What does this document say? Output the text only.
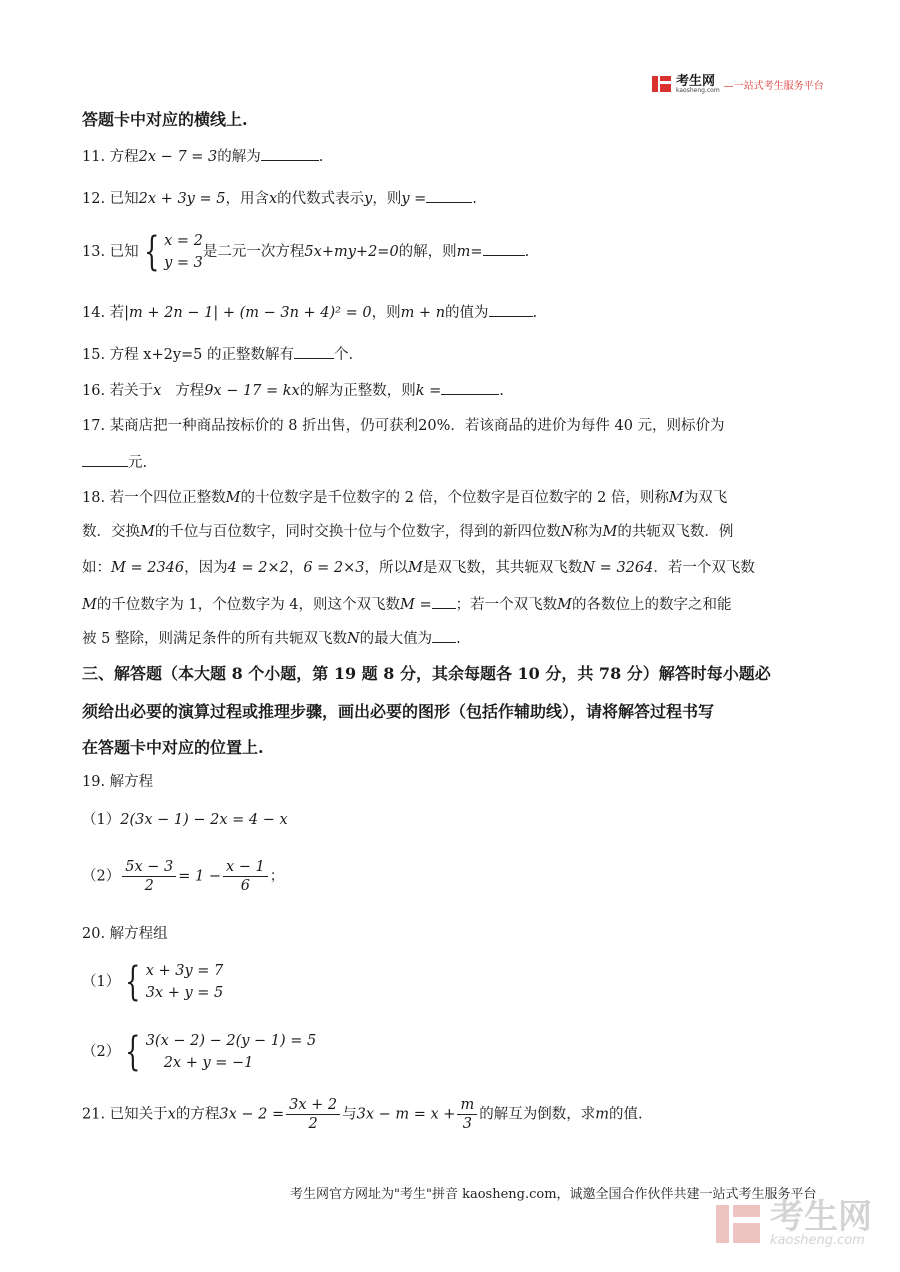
考生网
kaosheng.com —一站式考生服务平台
答题卡中对应的横线上.
11. 方程2x − 7 = 3的解为	.
12. 已知2x + 3y = 5，用含x的代数式表示y，则y =	.
13. 已知 { x = 2
y = 3
是二元一次方程5x+my+2=0的解，则m=	.
14. 若|m + 2n − 1| + (m − 3n + 4)² = 0，则m + n的值为	.
15. 方程 x+2y=5 的正整数解有	个.
16. 若关于x 方程9x − 17 = kx的解为正整数，则k =	.
17. 某商店把一种商品按标价的 8 折出售，仍可获利20%．若该商品的进价为每件 40 元，则标价为
元.
18. 若一个四位正整数M的十位数字是千位数字的 2 倍，个位数字是百位数字的 2 倍，则称M为双飞
数．交换M的千位与百位数字，同时交换十位与个位数字，得到的新四位数N称为M的共轭双飞数．例
如：M = 2346，因为4 = 2×2，6 = 2×3，所以M是双飞数，其共轭双飞数N = 3264．若一个双飞数
M的千位数字为 1，个位数字为 4，则这个双飞数M = ；若一个双飞数M的各数位上的数字之和能
被 5 整除，则满足条件的所有共轭双飞数N的最大值为 .
三、解答题（本大题 8 个小题，第 19 题 8 分，其余每题各 10 分，共 78 分）解答时每小题必
须给出必要的演算过程或推理步骤，画出必要的图形（包括作辅助线），请将解答过程书写
在答题卡中对应的位置上.
19. 解方程
（1）2(3x − 1) − 2x = 4 − x
$(2) \frac{5x - 3}{2} = 1 - \frac{x - 1}{6}$ ；
20. 解方程组
（1） { x + 3y = 7
3x + y = 5
（2） { 3(x − 2) − 2(y − 1) = 5
2x + y = −1
21. 已知关于x的方程$3x - 2 = \frac{3x + 2}{2}$ 与$3x - m = x + \frac{m}{3}$ 的解互为倒数，求m的值.
考生网官方网址为"考生"拼音 kaosheng.com，诚邀全国合作伙伴共建一站式考生服务平台
考生网
kaosheng.com
